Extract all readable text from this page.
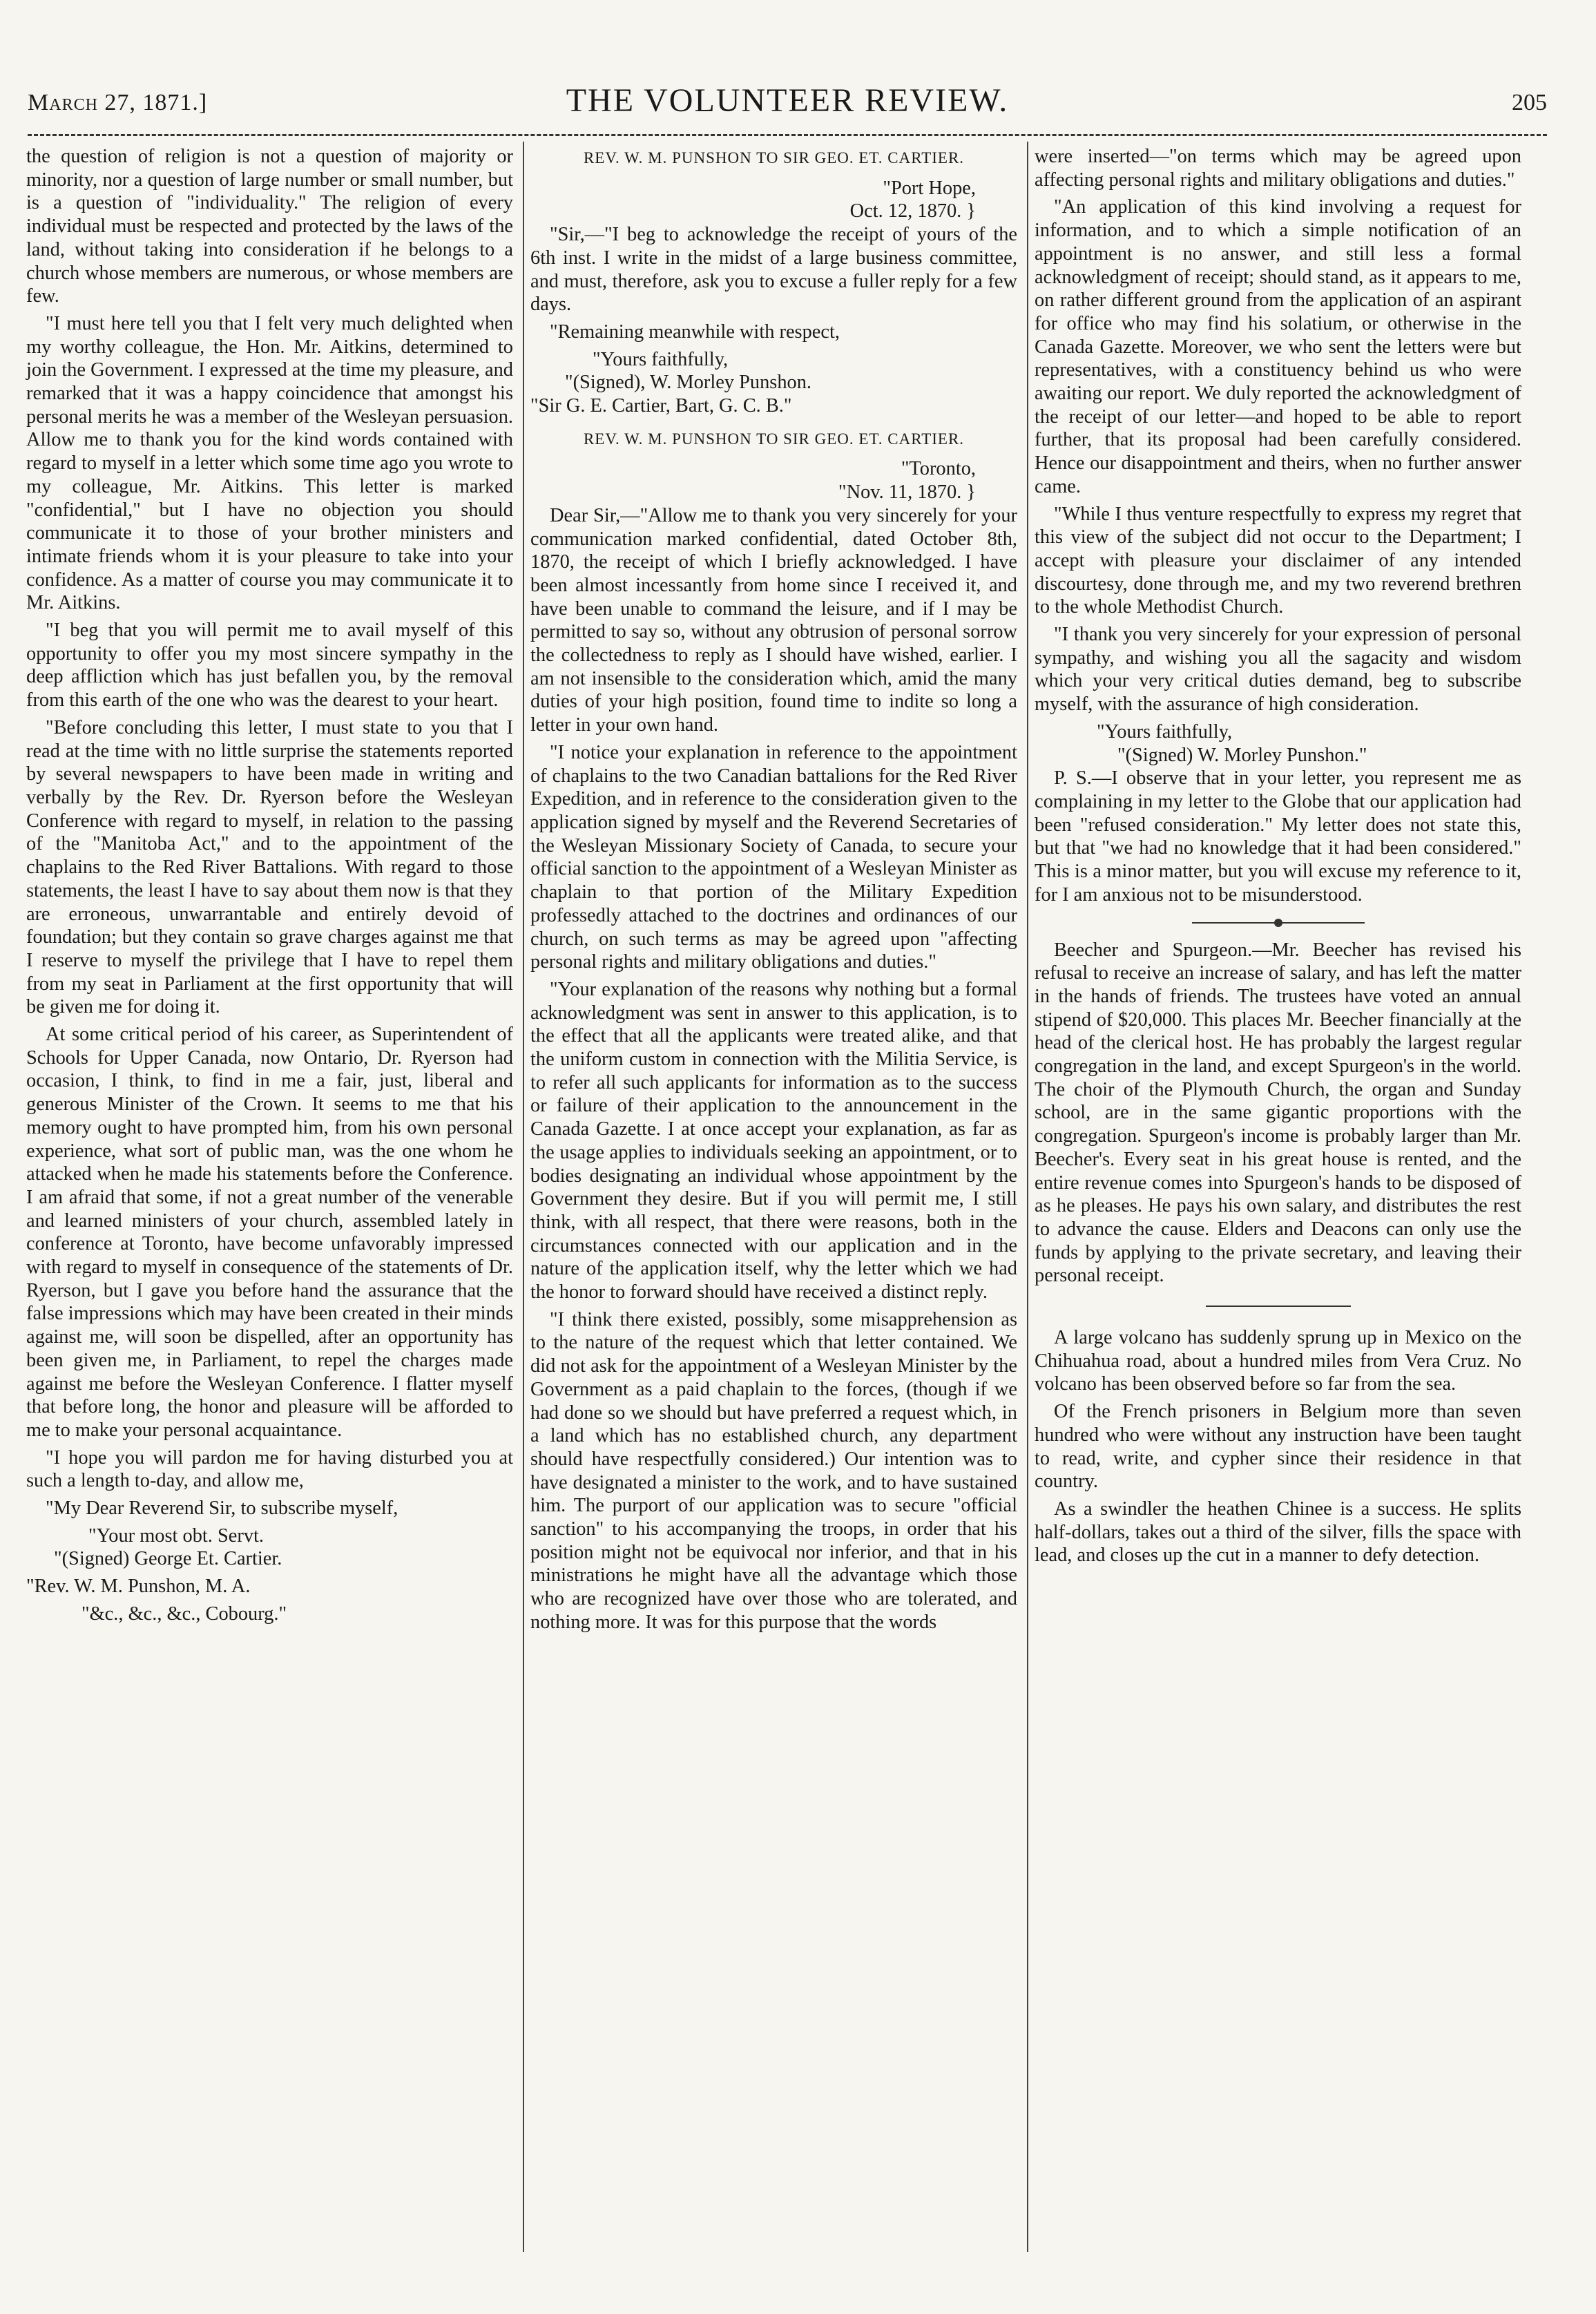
March 27, 1871.]	THE VOLUNTEER REVIEW.	205

the question of religion is not a question of majority or minority, nor a question of large number or small number, but is a question of "individuality." The religion of every individual must be respected and protected by the laws of the land, without taking into consideration if he belongs to a church whose members are numerous, or whose members are few.

"I must here tell you that I felt very much delighted when my worthy colleague, the Hon. Mr. Aitkins, determined to join the Government. I expressed at the time my pleasure, and remarked that it was a happy coincidence that amongst his personal merits he was a member of the Wesleyan persuasion. Allow me to thank you for the kind words contained with regard to myself in a letter which some time ago you wrote to my colleague, Mr. Aitkins. This letter is marked "confidential," but I have no objection you should communicate it to those of your brother ministers and intimate friends whom it is your pleasure to take into your confidence. As a matter of course you may communicate it to Mr. Aitkins.

"I beg that you will permit me to avail myself of this opportunity to offer you my most sincere sympathy in the deep affliction which has just befallen you, by the removal from this earth of the one who was the dearest to your heart.

"Before concluding this letter, I must state to you that I read at the time with no little surprise the statements reported by several newspapers to have been made in writing and verbally by the Rev. Dr. Ryerson before the Wesleyan Conference with regard to myself, in relation to the passing of the "Manitoba Act," and to the appointment of the chaplains to the Red River Battalions. With regard to those statements, the least I have to say about them now is that they are erroneous, unwarrantable and entirely devoid of foundation; but they contain so grave charges against me that I reserve to myself the privilege that I have to repel them from my seat in Parliament at the first opportunity that will be given me for doing it.

At some critical period of his career, as Superintendent of Schools for Upper Canada, now Ontario, Dr. Ryerson had occasion, I think, to find in me a fair, just, liberal and generous Minister of the Crown. It seems to me that his memory ought to have prompted him, from his own personal experience, what sort of public man, was the one whom he attacked when he made his statements before the Conference. I am afraid that some, if not a great number of the venerable and learned ministers of your church, assembled lately in conference at Toronto, have become unfavorably impressed with regard to myself in consequence of the statements of Dr. Ryerson, but I gave you before hand the assurance that the false impressions which may have been created in their minds against me, will soon be dispelled, after an opportunity has been given me, in Parliament, to repel the charges made against me before the Wesleyan Conference. I flatter myself that before long, the honor and pleasure will be afforded to me to make your personal acquaintance.

"I hope you will pardon me for having disturbed you at such a length to-day, and allow me,

"My Dear Reverend Sir, to subscribe myself,

"Your most obt. Servt.

"(Signed) George Et. Cartier.

"Rev. W. M. Punshon, M. A.

"&c., &c., &c., Cobourg."

REV. W. M. PUNSHON TO SIR GEO. ET. CARTIER.

"Port Hope,

Oct. 12, 1870. }

"Sir,—"I beg to acknowledge the receipt of yours of the 6th inst. I write in the midst of a large business committee, and must, therefore, ask you to excuse a fuller reply for a few days.

"Remaining meanwhile with respect,

"Yours faithfully,

"(Signed), W. Morley Punshon.

"Sir G. E. Cartier, Bart, G. C. B."

REV. W. M. PUNSHON TO SIR GEO. ET. CARTIER.

"Toronto,

"Nov. 11, 1870. }

Dear Sir,—"Allow me to thank you very sincerely for your communication marked confidential, dated October 8th, 1870, the receipt of which I briefly acknowledged. I have been almost incessantly from home since I received it, and have been unable to command the leisure, and if I may be permitted to say so, without any obtrusion of personal sorrow the collectedness to reply as I should have wished, earlier. I am not insensible to the consideration which, amid the many duties of your high position, found time to indite so long a letter in your own hand.

"I notice your explanation in reference to the appointment of chaplains to the two Canadian battalions for the Red River Expedition, and in reference to the consideration given to the application signed by myself and the Reverend Secretaries of the Wesleyan Missionary Society of Canada, to secure your official sanction to the appointment of a Wesleyan Minister as chaplain to that portion of the Military Expedition professedly attached to the doctrines and ordinances of our church, on such terms as may be agreed upon "affecting personal rights and military obligations and duties."

"Your explanation of the reasons why nothing but a formal acknowledgment was sent in answer to this application, is to the effect that all the applicants were treated alike, and that the uniform custom in connection with the Militia Service, is to refer all such applicants for information as to the success or failure of their application to the announcement in the Canada Gazette. I at once accept your explanation, as far as the usage applies to individuals seeking an appointment, or to bodies designating an individual whose appointment by the Government they desire. But if you will permit me, I still think, with all respect, that there were reasons, both in the circumstances connected with our application and in the nature of the application itself, why the letter which we had the honor to forward should have received a distinct reply.

"I think there existed, possibly, some misapprehension as to the nature of the request which that letter contained. We did not ask for the appointment of a Wesleyan Minister by the Government as a paid chaplain to the forces, (though if we had done so we should but have preferred a request which, in a land which has no established church, any department should have respectfully considered.) Our intention was to have designated a minister to the work, and to have sustained him. The purport of our application was to secure "official sanction" to his accompanying the troops, in order that his position might not be equivocal nor inferior, and that in his ministrations he might have all the advantage which those who are recognized have over those who are tolerated, and nothing more. It was for this purpose that the words

were inserted—"on terms which may be agreed upon affecting personal rights and military obligations and duties."

"An application of this kind involving a request for information, and to which a simple notification of an appointment is no answer, and still less a formal acknowledgment of receipt; should stand, as it appears to me, on rather different ground from the application of an aspirant for office who may find his solatium, or otherwise in the Canada Gazette. Moreover, we who sent the letters were but representatives, with a constituency behind us who were awaiting our report. We duly reported the acknowledgment of the receipt of our letter—and hoped to be able to report further, that its proposal had been carefully considered. Hence our disappointment and theirs, when no further answer came.

"While I thus venture respectfully to express my regret that this view of the subject did not occur to the Department; I accept with pleasure your disclaimer of any intended discourtesy, done through me, and my two reverend brethren to the whole Methodist Church.

"I thank you very sincerely for your expression of personal sympathy, and wishing you all the sagacity and wisdom which your very critical duties demand, beg to subscribe myself, with the assurance of high consideration.

"Yours faithfully,

"(Signed) W. Morley Punshon."

P. S.—I observe that in your letter, you represent me as complaining in my letter to the Globe that our application had been "refused consideration." My letter does not state this, but that "we had no knowledge that it had been considered." This is a minor matter, but you will excuse my reference to it, for I am anxious not to be misunderstood.

Beecher and Spurgeon.—Mr. Beecher has revised his refusal to receive an increase of salary, and has left the matter in the hands of friends. The trustees have voted an annual stipend of $20,000. This places Mr. Beecher financially at the head of the clerical host. He has probably the largest regular congregation in the land, and except Spurgeon's in the world. The choir of the Plymouth Church, the organ and Sunday school, are in the same gigantic proportions with the congregation. Spurgeon's income is probably larger than Mr. Beecher's. Every seat in his great house is rented, and the entire revenue comes into Spurgeon's hands to be disposed of as he pleases. He pays his own salary, and distributes the rest to advance the cause. Elders and Deacons can only use the funds by applying to the private secretary, and leaving their personal receipt.

A large volcano has suddenly sprung up in Mexico on the Chihuahua road, about a hundred miles from Vera Cruz. No volcano has been observed before so far from the sea.

Of the French prisoners in Belgium more than seven hundred who were without any instruction have been taught to read, write, and cypher since their residence in that country.

As a swindler the heathen Chinee is a success. He splits half-dollars, takes out a third of the silver, fills the space with lead, and closes up the cut in a manner to defy detection.
